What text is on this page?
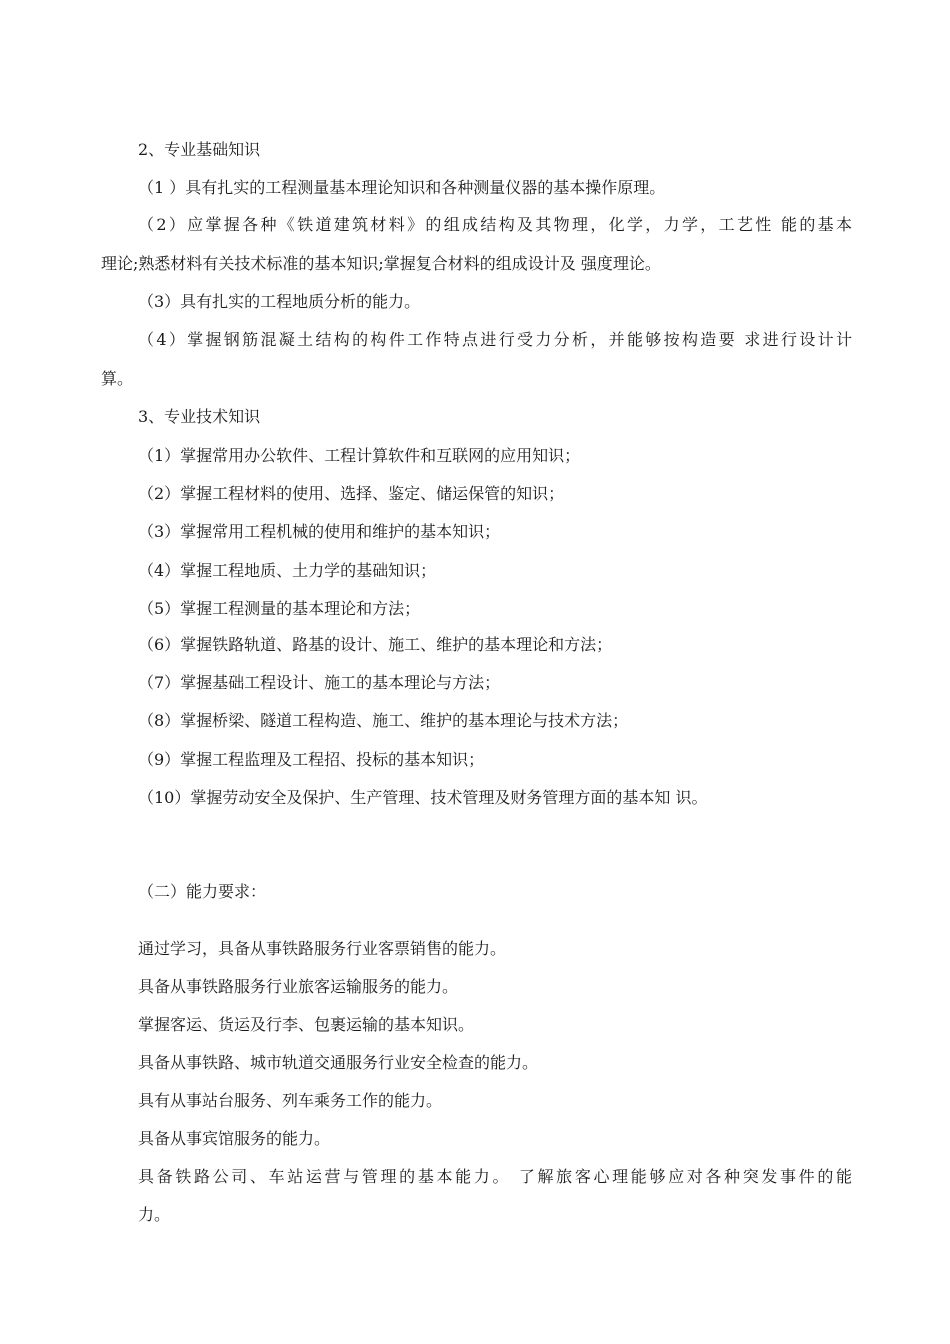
2、专业基础知识

（1 ）具有扎实的工程测量基本理论知识和各种测量仪器的基本操作原理。

（2）应掌握各种《铁道建筑材料》的组成结构及其物理，化学，力学，工艺性 能的基本

理论;熟悉材料有关技术标准的基本知识;掌握复合材料的组成设计及 强度理论。

（3）具有扎实的工程地质分析的能力。

（4）掌握钢筋混凝土结构的构件工作特点进行受力分析，并能够按构造要 求进行设计计

算。

3、专业技术知识

（1）掌握常用办公软件、工程计算软件和互联网的应用知识；

（2）掌握工程材料的使用、选择、鉴定、储运保管的知识；

（3）掌握常用工程机械的使用和维护的基本知识；

（4）掌握工程地质、土力学的基础知识；

（5）掌握工程测量的基本理论和方法；

（6）掌握铁路轨道、路基的设计、施工、维护的基本理论和方法；

（7）掌握基础工程设计、施工的基本理论与方法；

（8）掌握桥梁、隧道工程构造、施工、维护的基本理论与技术方法；

（9）掌握工程监理及工程招、投标的基本知识；

（10）掌握劳动安全及保护、生产管理、技术管理及财务管理方面的基本知 识。

（二）能力要求：

通过学习，具备从事铁路服务行业客票销售的能力。

具备从事铁路服务行业旅客运输服务的能力。

掌握客运、货运及行李、包裹运输的基本知识。

具备从事铁路、城市轨道交通服务行业安全检查的能力。

具有从事站台服务、列车乘务工作的能力。

具备从事宾馆服务的能力。

具备铁路公司、车站运营与管理的基本能力。 了解旅客心理能够应对各种突发事件的能

力。
